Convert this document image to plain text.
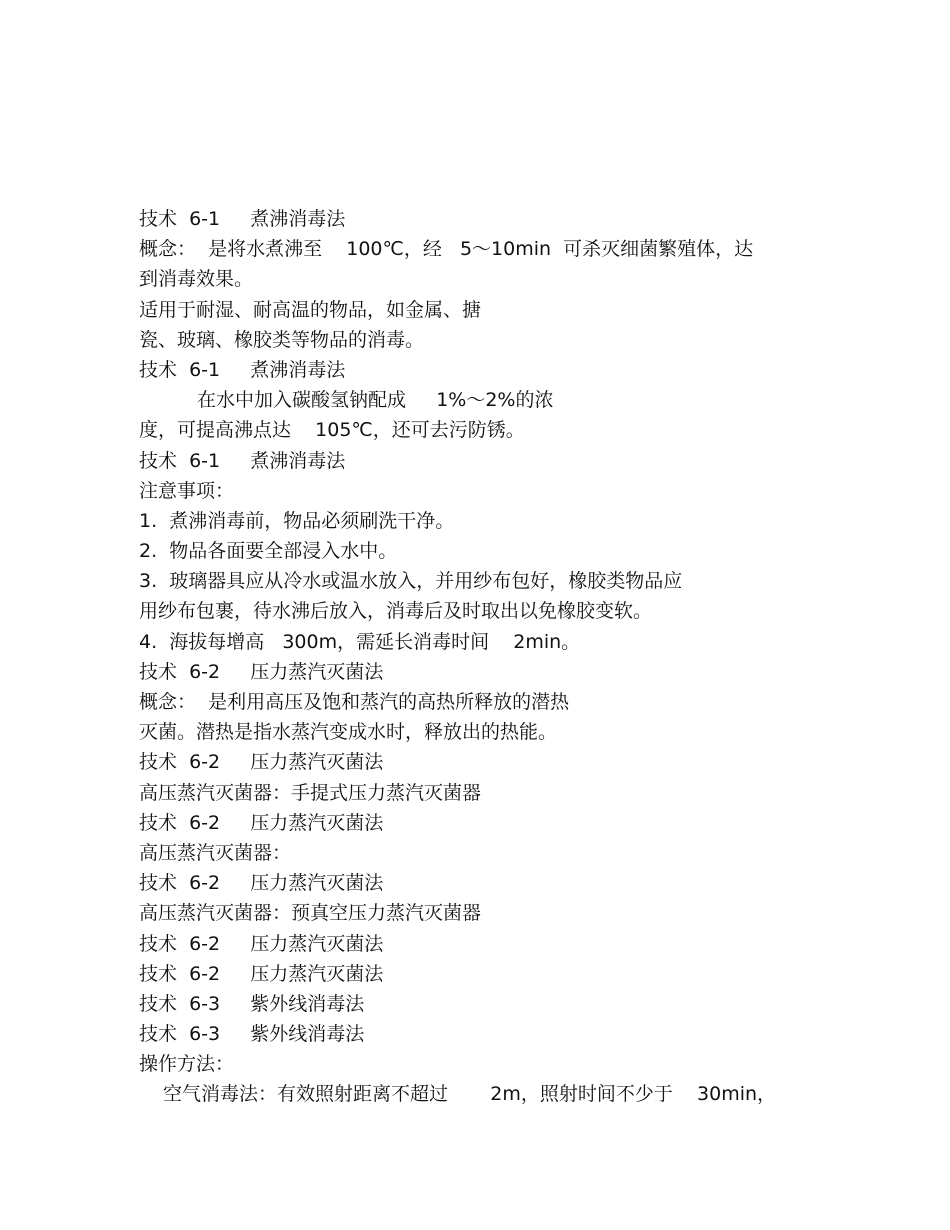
技术  6-1     煮沸消毒法
概念：  是将水煮沸至    100℃，经   5～10min  可杀灭细菌繁殖体，达
到消毒效果。
适用于耐湿、耐高温的物品，如金属、搪
瓷、玻璃、橡胶类等物品的消毒。
技术  6-1     煮沸消毒法
在水中加入碳酸氢钠配成     1%～2%的浓
度，可提高沸点达    105℃，还可去污防锈。
技术  6-1     煮沸消毒法
注意事项：
1.  煮沸消毒前，物品必须刷洗干净。
2.  物品各面要全部浸入水中。
3.  玻璃器具应从冷水或温水放入，并用纱布包好，橡胶类物品应
用纱布包裹，待水沸后放入，消毒后及时取出以免橡胶变软。
4.  海拔每增高   300m，需延长消毒时间    2min。
技术  6-2     压力蒸汽灭菌法
概念：  是利用高压及饱和蒸汽的高热所释放的潜热
灭菌。潜热是指水蒸汽变成水时，释放出的热能。
技术  6-2     压力蒸汽灭菌法
高压蒸汽灭菌器：手提式压力蒸汽灭菌器
技术  6-2     压力蒸汽灭菌法
高压蒸汽灭菌器：
技术  6-2     压力蒸汽灭菌法
高压蒸汽灭菌器：预真空压力蒸汽灭菌器
技术  6-2     压力蒸汽灭菌法
技术  6-2     压力蒸汽灭菌法
技术  6-3     紫外线消毒法
技术  6-3     紫外线消毒法
操作方法：
空气消毒法：有效照射距离不超过       2m，照射时间不少于    30min，
